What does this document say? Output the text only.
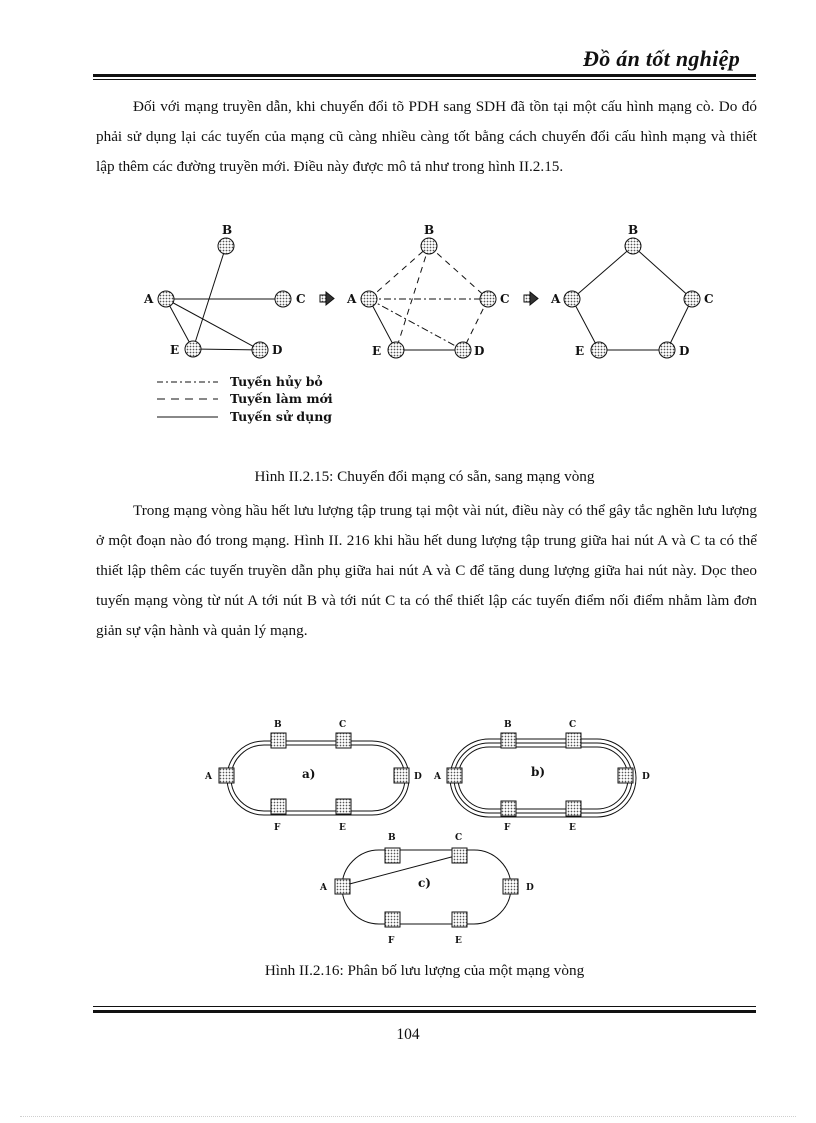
Đồ án tốt nghiệp

Đối với mạng truyền dẫn, khi chuyển đổi tõ PDH sang SDH đã tồn tại một cấu hình mạng cò. Do đó phải sử dụng lại các tuyến của mạng cũ càng nhiều càng tốt bằng cách chuyển đổi cấu hình mạng và thiết lập thêm các đường truyền mới. Điều này được mô tả như trong hình II.2.15.

B
A	C
E	D
B
A	C
E	D
B
A	C
E	D
Tuyến hủy bỏ
Tuyến làm mới
Tuyến sử dụng

Hình II.2.15: Chuyển đổi mạng có sẵn, sang mạng vòng

Trong mạng vòng hầu hết lưu lượng tập trung tại một vài nút, điều này có thể gây tắc nghẽn lưu lượng ở một đoạn nào đó trong mạng. Hình II. 216 khi hầu hết dung lượng tập trung giữa hai nút A và C ta có thể thiết lập thêm các tuyến truyền dẫn phụ giữa hai nút A và C để tăng dung lượng giữa hai nút này. Dọc theo tuyến mạng vòng từ nút A tới nút B và tới nút C ta có thể thiết lập các tuyến điểm nối điểm nhằm làm đơn giản sự vận hành và quản lý mạng.

B	C
A	D
F	E
a)
B	C
A	D
F	E
b)
B	C
A	D
F	E
c)

Hình II.2.16: Phân bố lưu lượng của một mạng vòng

104
